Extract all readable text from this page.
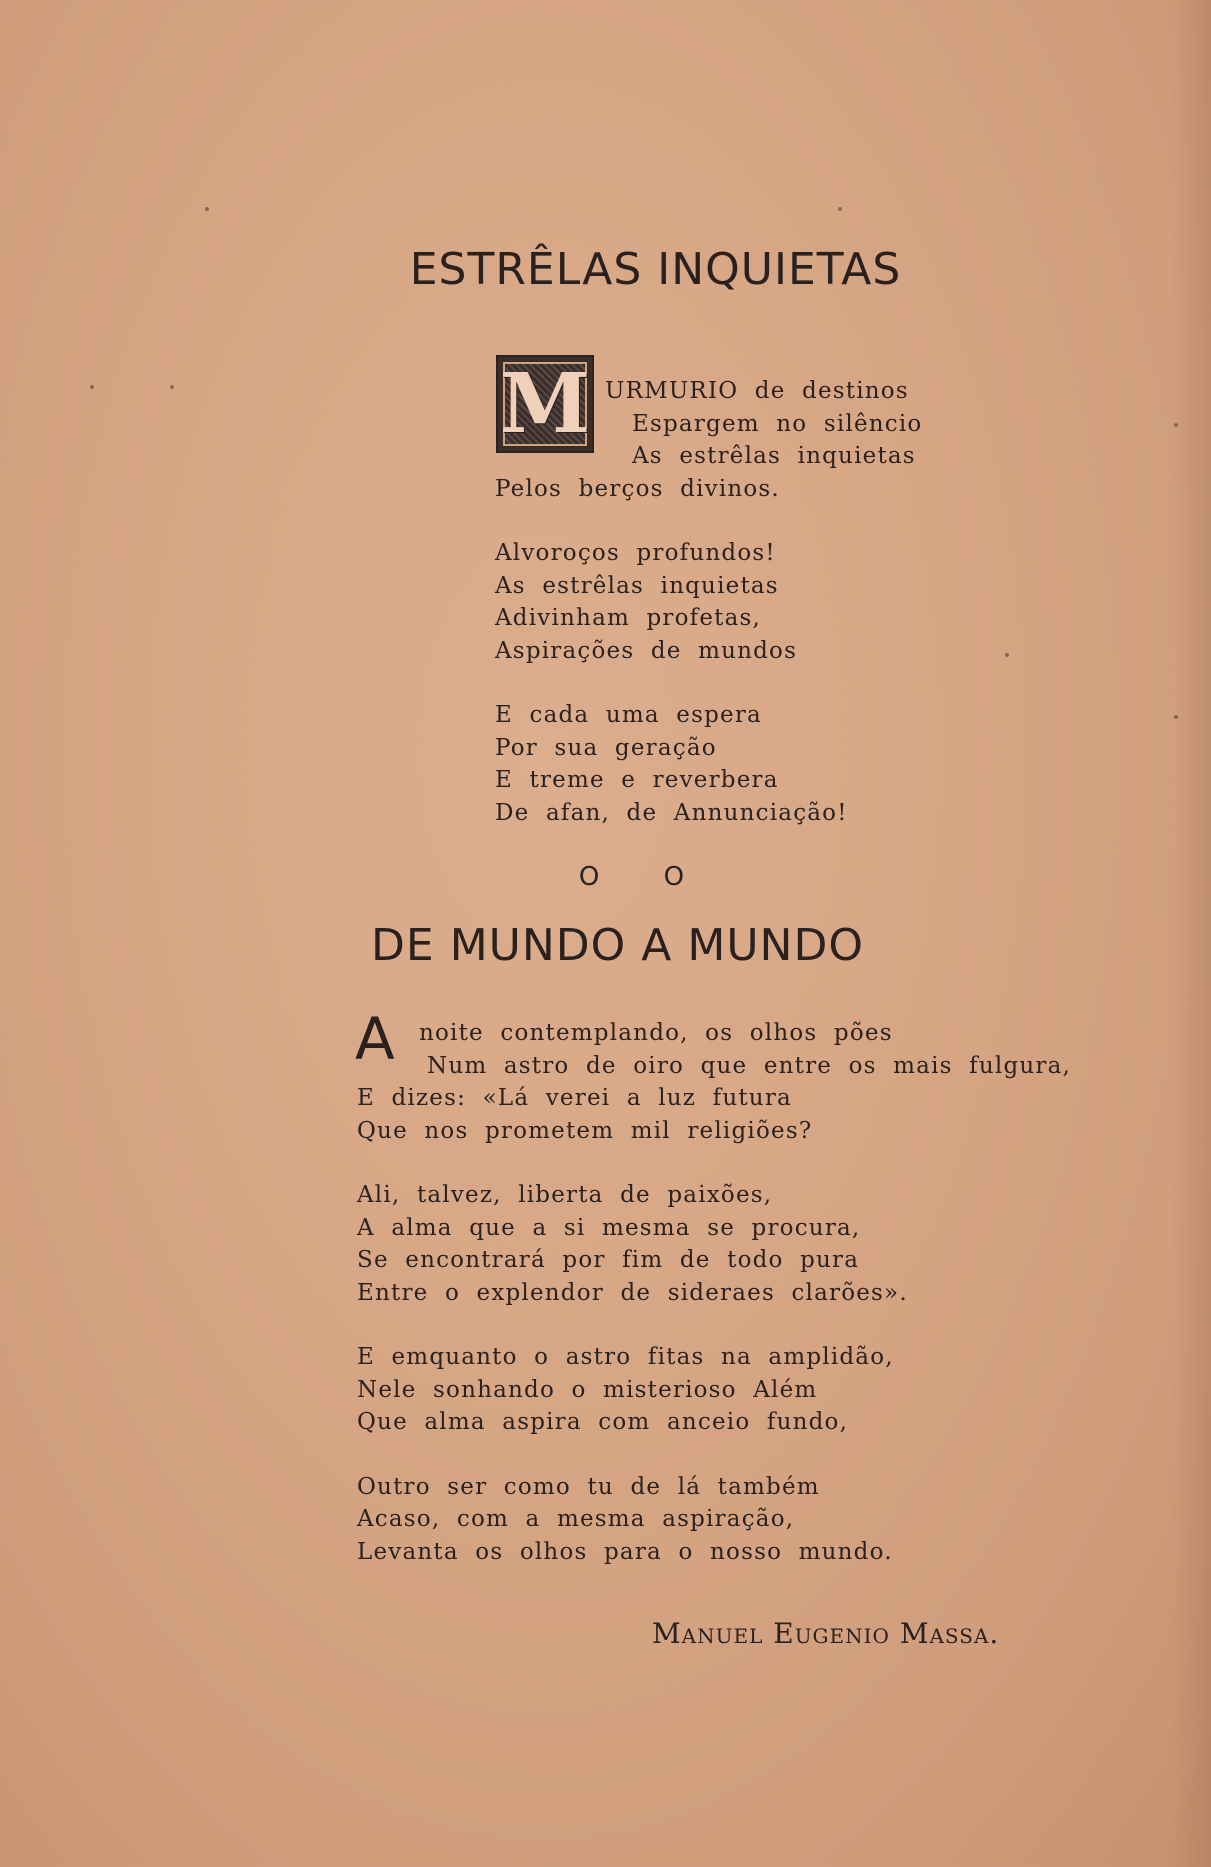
ESTRÊLAS INQUIETAS
M URMURIO de destinos
Espargem no silêncio
As estrêlas inquietas
Pelos berços divinos.
Alvoroços profundos!
As estrêlas inquietas
Adivinham profetas,
Aspirações de mundos
E cada uma espera
Por sua geração
E treme e reverbera
De afan, de Annunciação!
O O
DE MUNDO A MUNDO
A	noite contemplando, os olhos pões
Num astro de oiro que entre os mais fulgura,
E dizes: «Lá verei a luz futura
Que nos prometem mil religiões?
Ali, talvez, liberta de paixões,
A alma que a si mesma se procura,
Se encontrará por fim de todo pura
Entre o explendor de sideraes clarões».
E emquanto o astro fitas na amplidão,
Nele sonhando o misterioso Além
Que alma aspira com anceio fundo,
Outro ser como tu de lá também
Acaso, com a mesma aspiração,
Levanta os olhos para o nosso mundo.
Manuel Eugenio Massa.
